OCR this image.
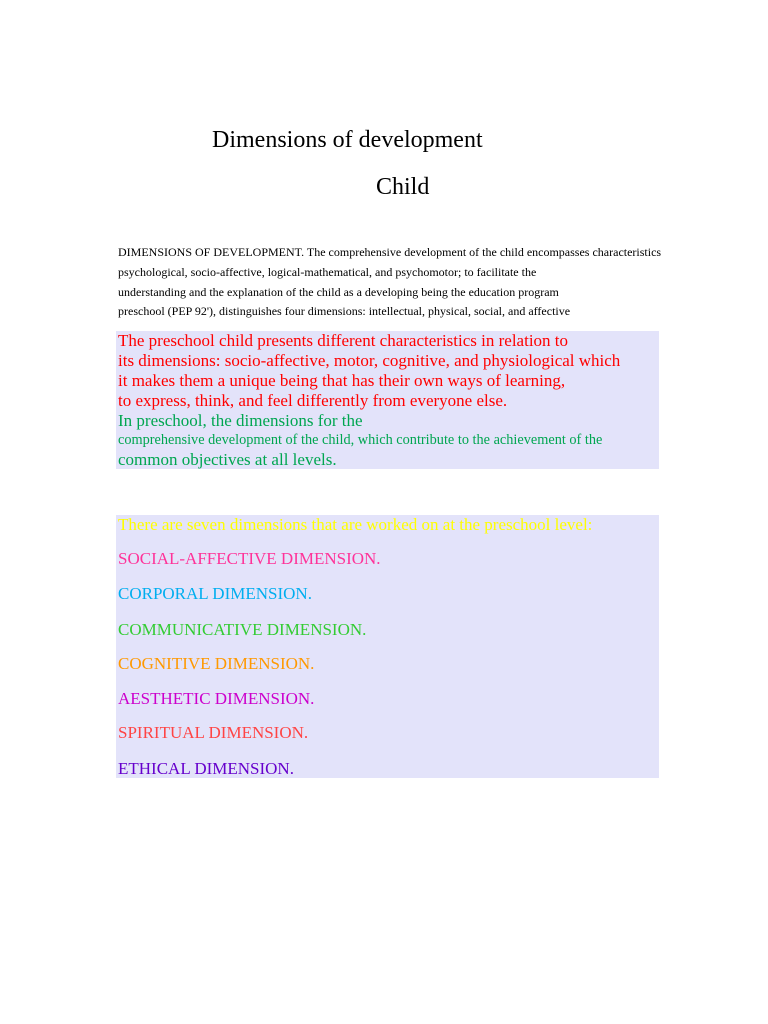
Dimensions of development
Child
DIMENSIONS OF DEVELOPMENT. The comprehensive development of the child encompasses characteristics
psychological, socio-affective, logical-mathematical, and psychomotor; to facilitate the
understanding and the explanation of the child as a developing being the education program
preschool (PEP 92'), distinguishes four dimensions: intellectual, physical, social, and affective
The preschool child presents different characteristics in relation to
its dimensions: socio-affective, motor, cognitive, and physiological which
it makes them a unique being that has their own ways of learning,
to express, think, and feel differently from everyone else.
In preschool, the dimensions for the
comprehensive development of the child, which contribute to the achievement of the
common objectives at all levels.
There are seven dimensions that are worked on at the preschool level:
SOCIAL-AFFECTIVE DIMENSION.
CORPORAL DIMENSION.
COMMUNICATIVE DIMENSION.
COGNITIVE DIMENSION.
AESTHETIC DIMENSION.
SPIRITUAL DIMENSION.
ETHICAL DIMENSION.
